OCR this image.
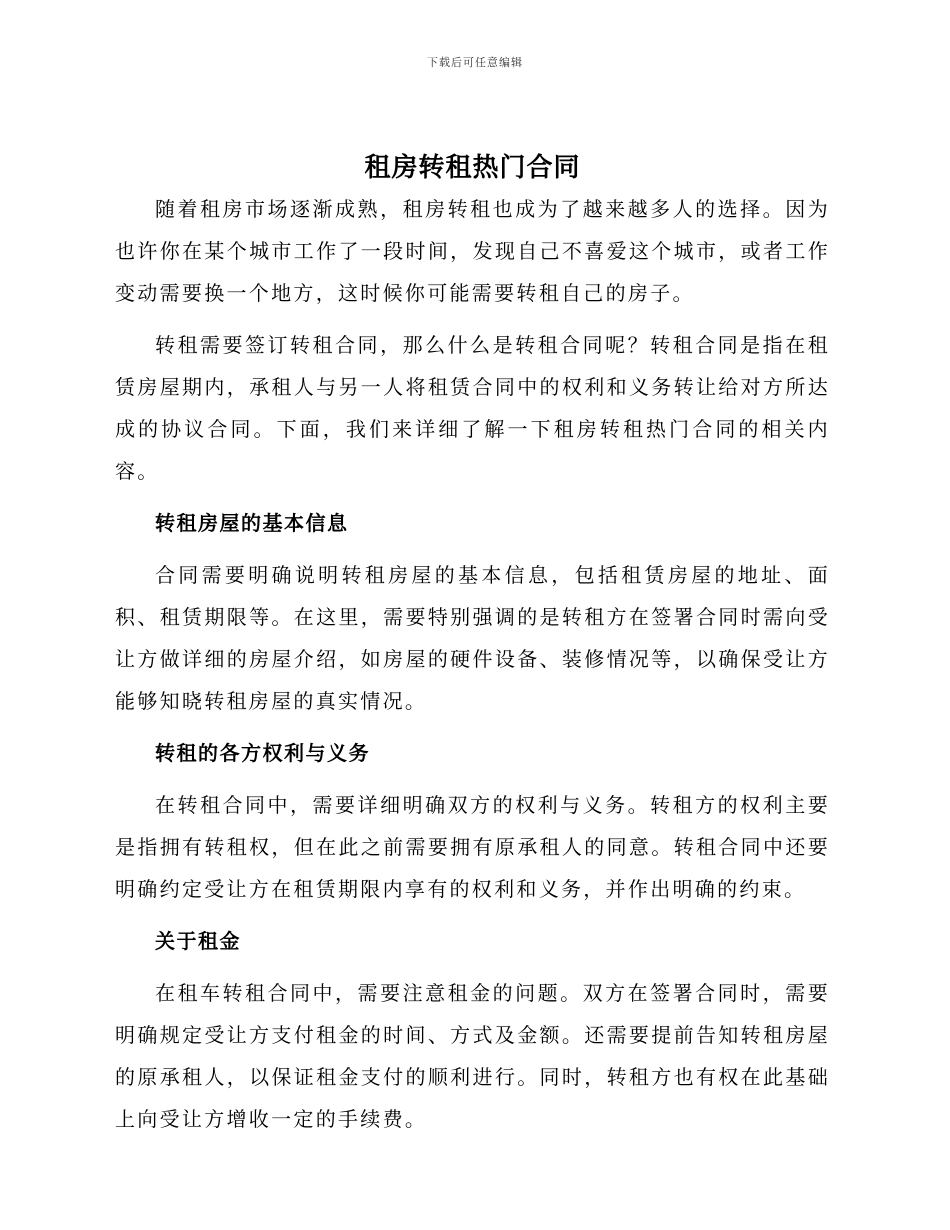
下载后可任意编辑
租房转租热门合同

随着租房市场逐渐成熟，租房转租也成为了越来越多人的选择。因为也许你在某个城市工作了一段时间，发现自己不喜爱这个城市，或者工作变动需要换一个地方，这时候你可能需要转租自己的房子。

转租需要签订转租合同，那么什么是转租合同呢？转租合同是指在租赁房屋期内，承租人与另一人将租赁合同中的权利和义务转让给对方所达成的协议合同。下面，我们来详细了解一下租房转租热门合同的相关内容。

转租房屋的基本信息

合同需要明确说明转租房屋的基本信息，包括租赁房屋的地址、面积、租赁期限等。在这里，需要特别强调的是转租方在签署合同时需向受让方做详细的房屋介绍，如房屋的硬件设备、装修情况等，以确保受让方能够知晓转租房屋的真实情况。

转租的各方权利与义务

在转租合同中，需要详细明确双方的权利与义务。转租方的权利主要是指拥有转租权，但在此之前需要拥有原承租人的同意。转租合同中还要明确约定受让方在租赁期限内享有的权利和义务，并作出明确的约束。

关于租金

在租车转租合同中，需要注意租金的问题。双方在签署合同时，需要明确规定受让方支付租金的时间、方式及金额。还需要提前告知转租房屋的原承租人，以保证租金支付的顺利进行。同时，转租方也有权在此基础上向受让方增收一定的手续费。
